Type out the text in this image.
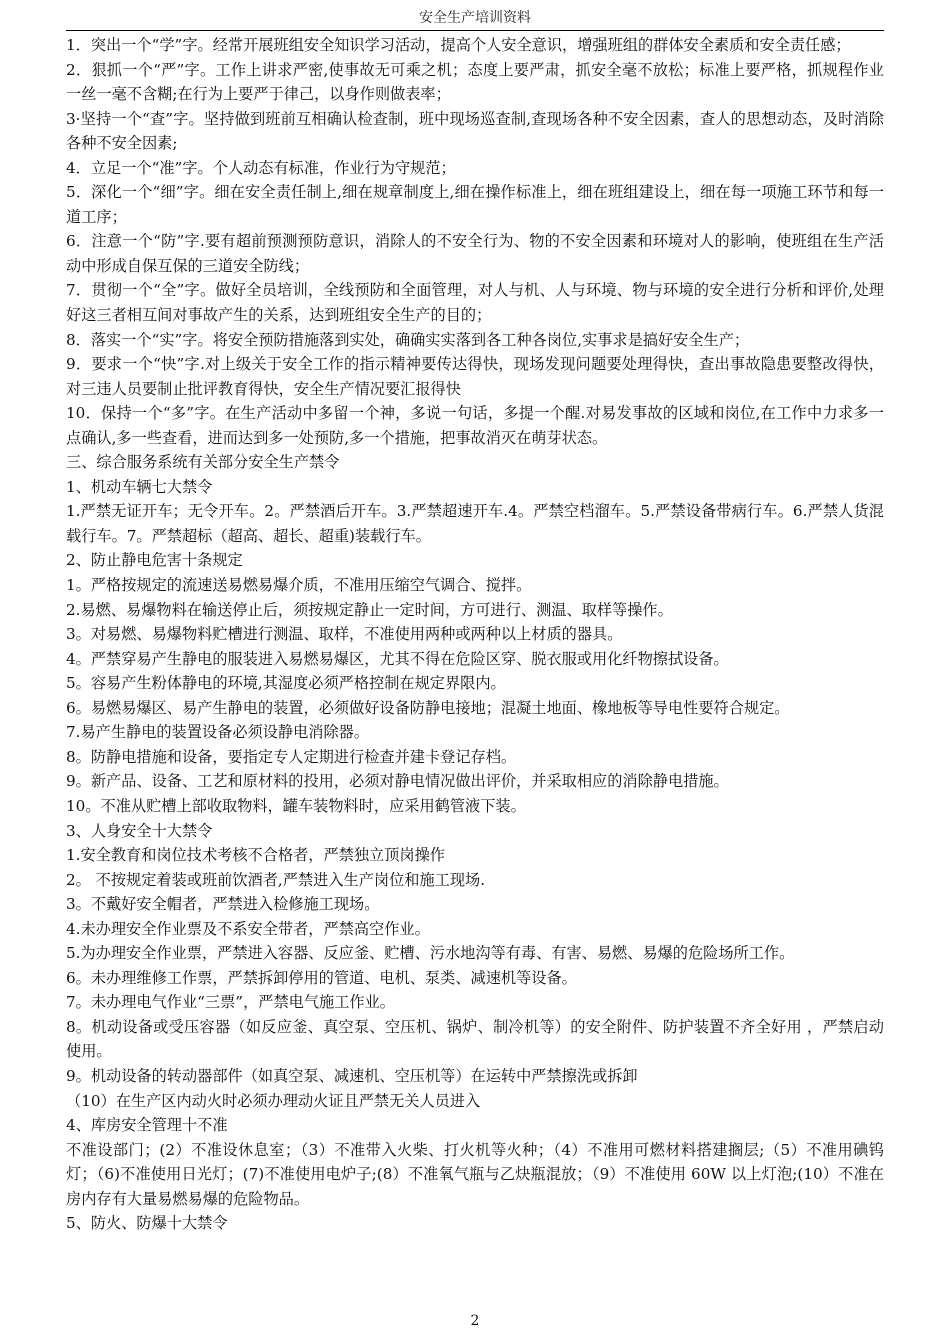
安全生产培训资料

1．突出一个“学”字。经常开展班组安全知识学习活动，提高个人安全意识，增强班组的群体安全素质和安全责任感；

2．狠抓一个“严”字。工作上讲求严密,使事故无可乘之机；态度上要严肃，抓安全毫不放松；标准上要严格，抓规程作业一丝一毫不含糊;在行为上要严于律己，以身作则做表率；

3·坚持一个“查”字。坚持做到班前互相确认检查制，班中现场巡查制,查现场各种不安全因素，查人的思想动态，及时消除各种不安全因素;

4．立足一个“准”字。个人动态有标准，作业行为守规范；

5．深化一个“细”字。细在安全责任制上,细在规章制度上,细在操作标准上，细在班组建设上，细在每一项施工环节和每一道工序；

6．注意一个“防”字.要有超前预测预防意识，消除人的不安全行为、物的不安全因素和环境对人的影响，使班组在生产活动中形成自保互保的三道安全防线；

7．贯彻一个“全”字。做好全员培训，全线预防和全面管理，对人与机、人与环境、物与环境的安全进行分析和评价,处理好这三者相互间对事故产生的关系，达到班组安全生产的目的；

8．落实一个“实”字。将安全预防措施落到实处，确确实实落到各工种各岗位,实事求是搞好安全生产；

9．要求一个“快”字.对上级关于安全工作的指示精神要传达得快，现场发现问题要处理得快，查出事故隐患要整改得快，对三违人员要制止批评教育得快，安全生产情况要汇报得快

10．保持一个“多”字。在生产活动中多留一个神，多说一句话，多提一个醒.对易发事故的区域和岗位,在工作中力求多一点确认,多一些查看，进而达到多一处预防,多一个措施，把事故消灭在萌芽状态。

三、综合服务系统有关部分安全生产禁令

1、机动车辆七大禁令

1.严禁无证开车；无令开车。2。严禁酒后开车。3.严禁超速开车.4。严禁空档溜车。5.严禁设备带病行车。6.严禁人货混载行车。7。严禁超标（超高、超长、超重)装载行车。

2、防止静电危害十条规定

1。严格按规定的流速送易燃易爆介质，不准用压缩空气调合、搅拌。

2.易燃、易爆物料在输送停止后，须按规定静止一定时间，方可进行、测温、取样等操作。

3。对易燃、易爆物料贮槽进行测温、取样，不准使用两种或两种以上材质的器具。

4。严禁穿易产生静电的服装进入易燃易爆区，尤其不得在危险区穿、脱衣服或用化纤物擦拭设备。

5。容易产生粉体静电的环境,其湿度必须严格控制在规定界限内。

6。易燃易爆区、易产生静电的装置，必须做好设备防静电接地；混凝土地面、橡地板等导电性要符合规定。

7.易产生静电的装置设备必须设静电消除器。

8。防静电措施和设备，要指定专人定期进行检查并建卡登记存档。

9。新产品、设备、工艺和原材料的投用，必须对静电情况做出评价，并采取相应的消除静电措施。

10。不准从贮槽上部收取物料，罐车装物料时，应采用鹤管液下装。

3、人身安全十大禁令

1.安全教育和岗位技术考核不合格者，严禁独立顶岗操作

2。 不按规定着装或班前饮酒者,严禁进入生产岗位和施工现场.

3。不戴好安全帽者，严禁进入检修施工现场。

4.未办理安全作业票及不系安全带者，严禁高空作业。

5.为办理安全作业票，严禁进入容器、反应釜、贮槽、污水地沟等有毒、有害、易燃、易爆的危险场所工作。

6。未办理维修工作票，严禁拆卸停用的管道、电机、泵类、减速机等设备。

7。未办理电气作业“三票”，严禁电气施工作业。

8。机动设备或受压容器（如反应釜、真空泵、空压机、锅炉、制冷机等）的安全附件、防护装置不齐全好用 ，严禁启动使用。

9。机动设备的转动器部件（如真空泵、减速机、空压机等）在运转中严禁擦洗或拆卸

（10）在生产区内动火时必须办理动火证且严禁无关人员进入

4、库房安全管理十不准

不准设部门；(2）不准设休息室；（3）不准带入火柴、打火机等火种；（4）不准用可燃材料搭建搁层;（5）不准用碘钨灯；（6)不准使用日光灯；(7)不准使用电炉子;(8）不准氧气瓶与乙炔瓶混放；（9）不准使用 60W 以上灯泡;(10）不准在房内存有大量易燃易爆的危险物品。

5、防火、防爆十大禁令

2
